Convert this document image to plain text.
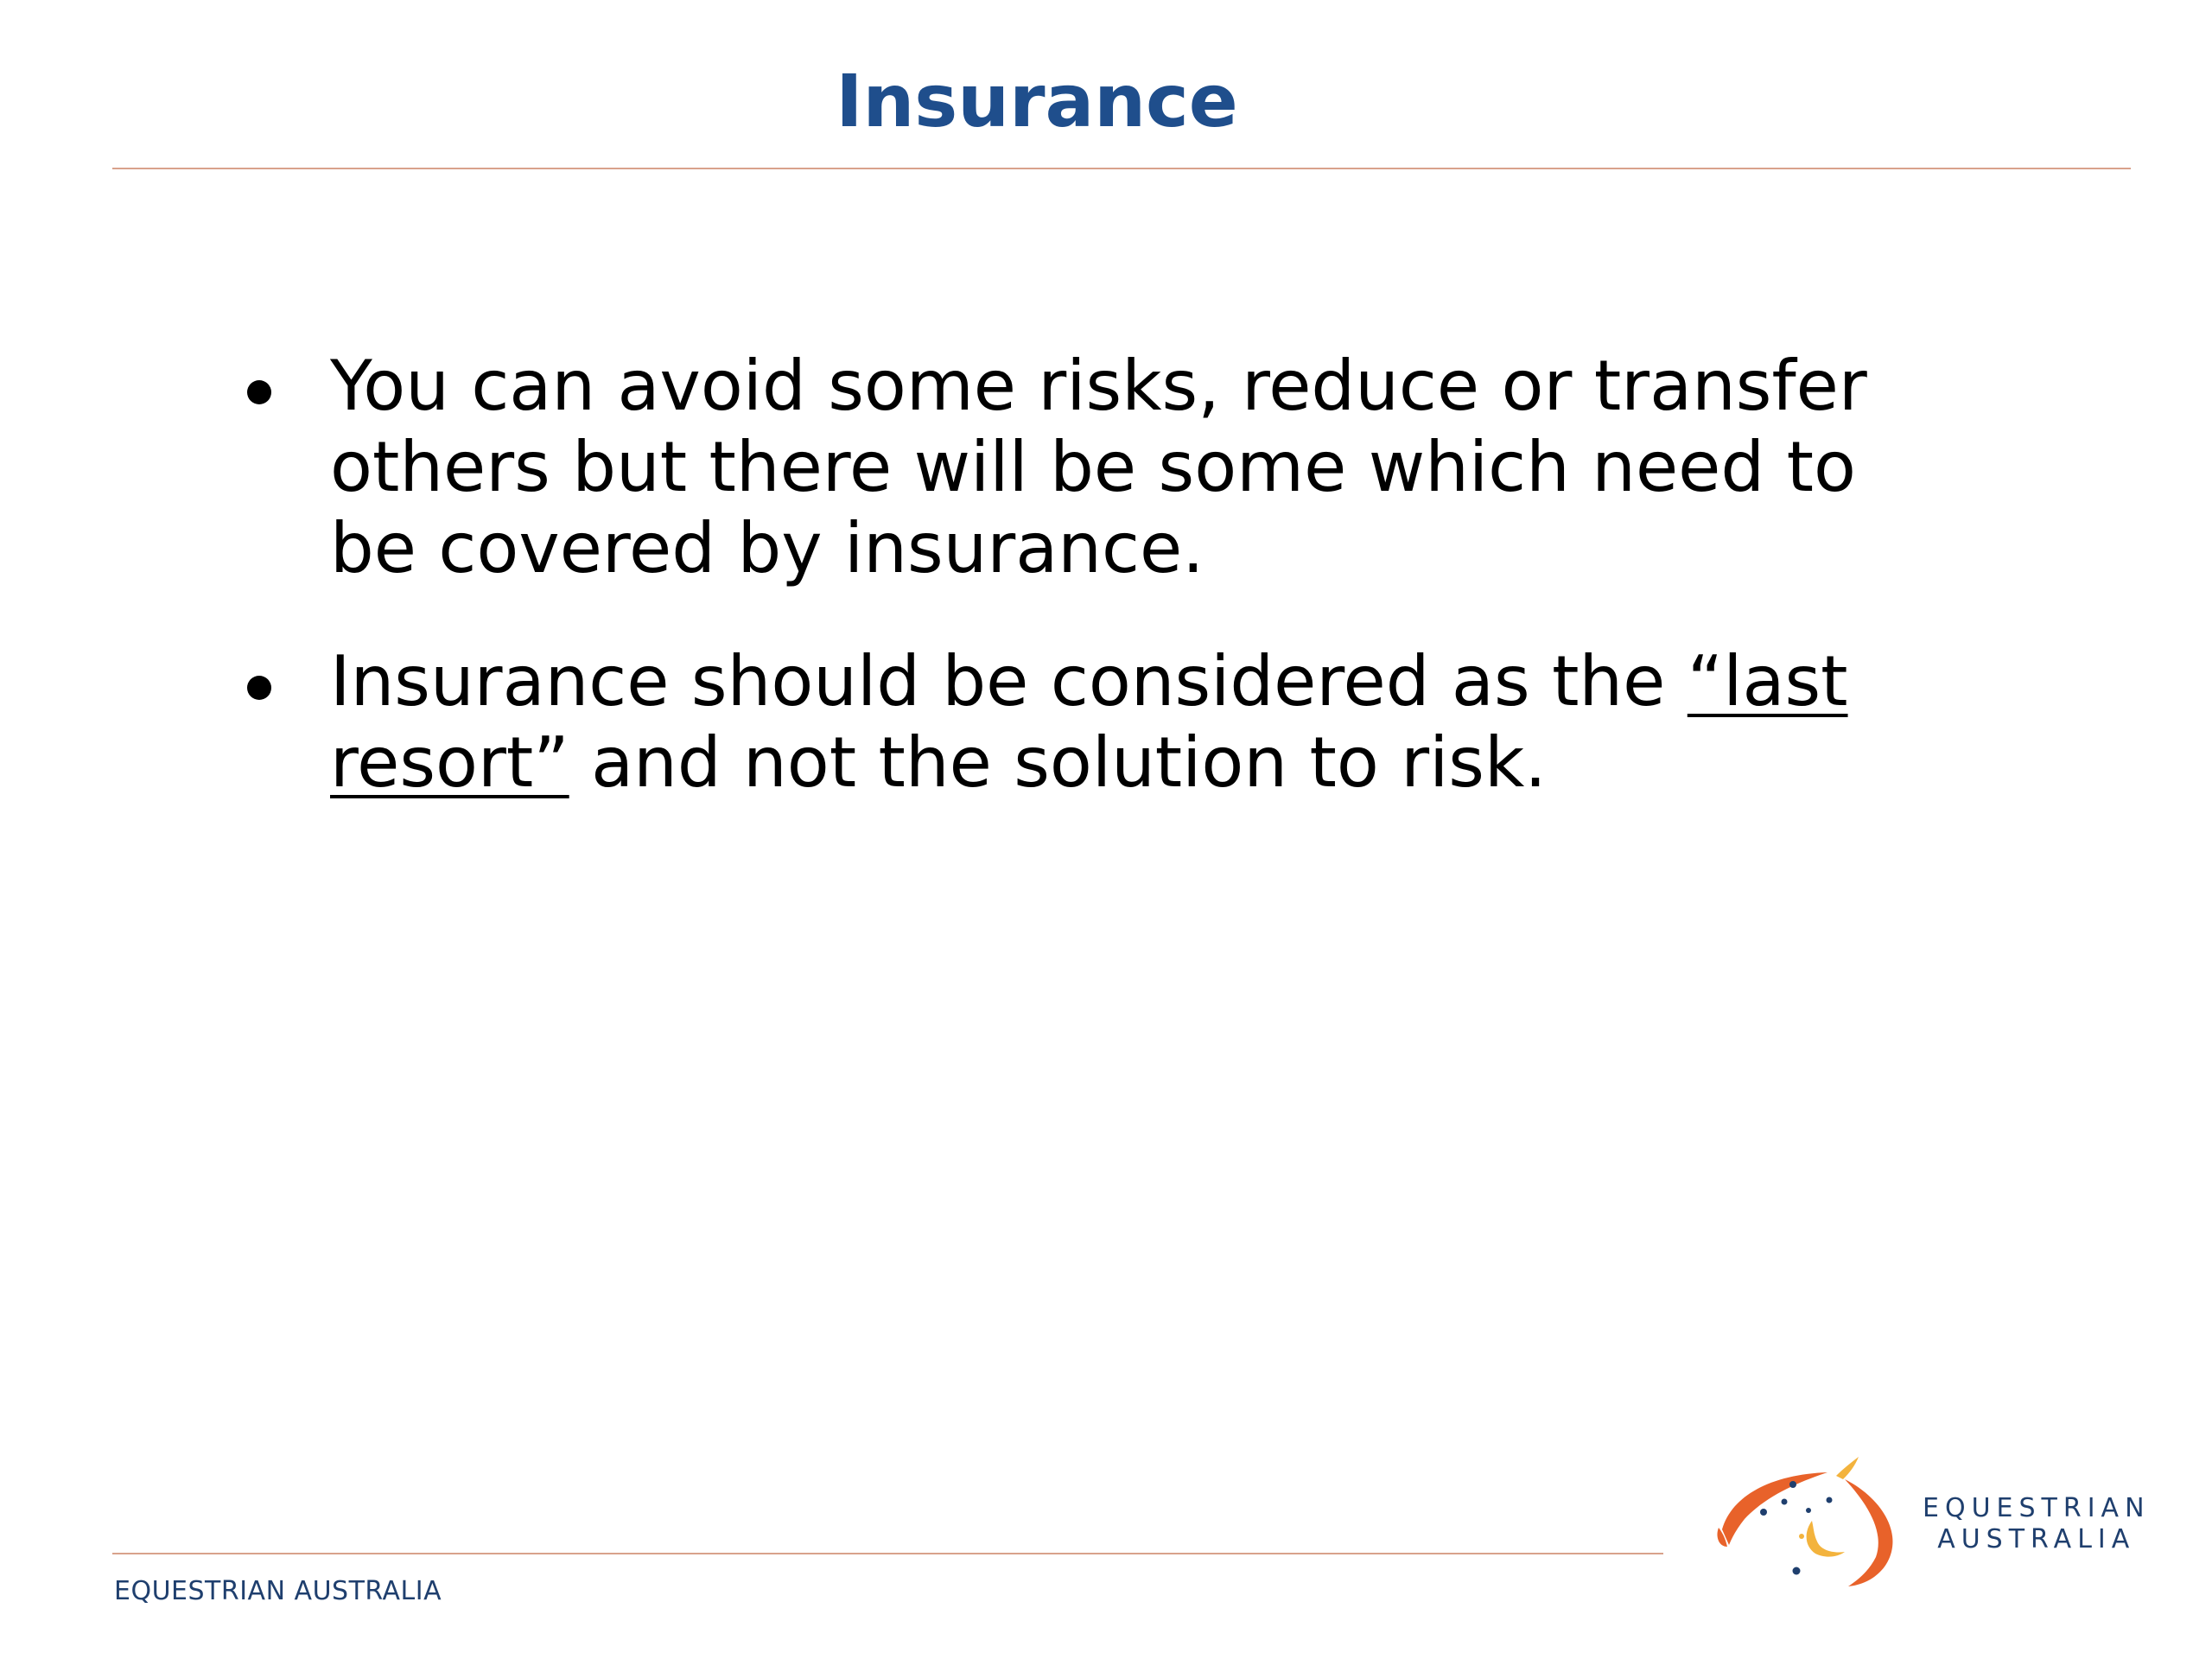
Insurance
You can avoid some risks, reduce or transfer others but there will be some which need to be covered by insurance.
Insurance should be considered as the “last resort” and not the solution to risk.
EQUESTRIAN AUSTRALIA
EQUESTRIAN
AUSTRALIA
